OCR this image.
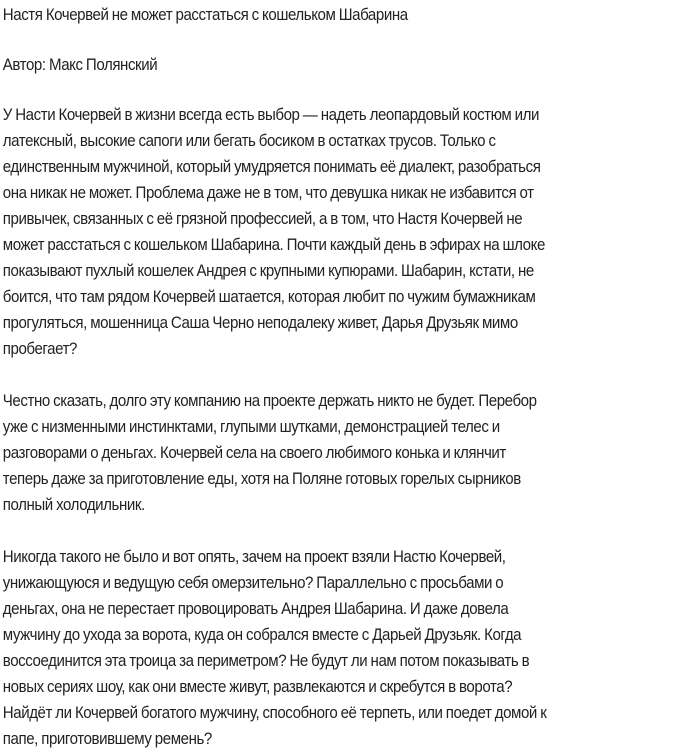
Настя Кочервей не может расстаться с кошельком Шабарина
Автор: Макс Полянский
У Насти Кочервей в жизни всегда есть выбор — надеть леопардовый костюм или
латексный, высокие сапоги или бегать босиком в остатках трусов. Только с
единственным мужчиной, который умудряется понимать её диалект, разобраться
она никак не может. Проблема даже не в том, что девушка никак не избавится от
привычек, связанных с её грязной профессией, а в том, что Настя Кочервей не
может расстаться с кошельком Шабарина. Почти каждый день в эфирах на шлоке
показывают пухлый кошелек Андрея с крупными купюрами. Шабарин, кстати, не
боится, что там рядом Кочервей шатается, которая любит по чужим бумажникам
прогуляться, мошенница Саша Черно неподалеку живет, Дарья Друзьяк мимо
пробегает?
Честно сказать, долго эту компанию на проекте держать никто не будет. Перебор
уже с низменными инстинктами, глупыми шутками, демонстрацией телес и
разговорами о деньгах. Кочервей села на своего любимого конька и клянчит
теперь даже за приготовление еды, хотя на Поляне готовых горелых сырников
полный холодильник.
Никогда такого не было и вот опять, зачем на проект взяли Настю Кочервей,
унижающуюся и ведущую себя омерзительно? Параллельно с просьбами о
деньгах, она не перестает провоцировать Андрея Шабарина. И даже довела
мужчину до ухода за ворота, куда он собрался вместе с Дарьей Друзьяк. Когда
воссоединится эта троица за периметром? Не будут ли нам потом показывать в
новых сериях шоу, как они вместе живут, развлекаются и скребутся в ворота?
Найдёт ли Кочервей богатого мужчину, способного её терпеть, или поедет домой к
папе, приготовившему ремень?
